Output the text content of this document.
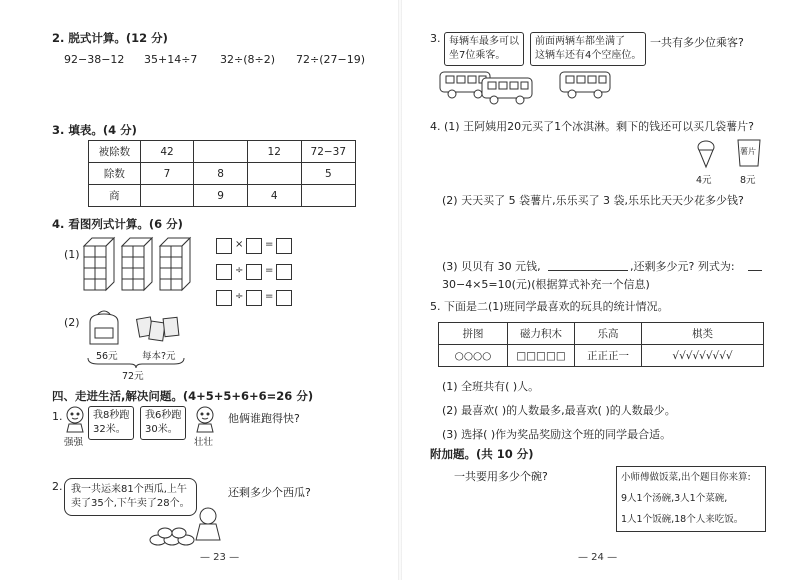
2. 脱式计算。(12 分)
92−38−12 35+14÷7 32÷(8÷2) 72÷(27−19)
3. 填表。(4 分)
被除数	42		12	72−37
除数	7	8		5
商		9	4	
4. 看图列式计算。(6 分)
(1)
× =
÷ =
÷ =
(2)
56元	每本?元
72元
四、走进生活,解决问题。(4+5+5+6+6=26 分)
1.	我8秒跑
32米。
我6秒跑
30米。
强强	壮壮
他俩谁跑得快?
2. 我一共运来81个西瓜,上午
卖了35个,下午卖了28个。
还剩多少个西瓜?
— 23 —
3. 每辆车最多可以
坐7位乘客。
前面两辆车都坐满了
这辆车还有4个空座位。
一共有多少位乘客?
4. (1) 王阿姨用20元买了1个冰淇淋。剩下的钱还可以买几袋薯片?
薯片
4元	8元
(2) 天天买了 5 袋薯片,乐乐买了 3 袋,乐乐比天天少花多少钱?
(3) 贝贝有 30 元钱,	,还剩多少元? 列式为:
30−4×5=10(元)(根据算式补充一个信息)
5. 下面是二(1)班同学最喜欢的玩具的统计情况。
拼图	磁力积木	乐高	棋类
○○○○	□□□□□	正正正一	√√√√√√√√√
(1) 全班共有( )人。
(2) 最喜欢( )的人数最多,最喜欢( )的人数最少。
(3) 选择( )作为奖品奖励这个班的同学最合适。
附加题。(共 10 分)
一共要用多少个碗?	小师傅做饭菜,出个题目你来算:
9人1个汤碗,3人1个菜碗,
1人1个饭碗,18个人来吃饭。
— 24 —
